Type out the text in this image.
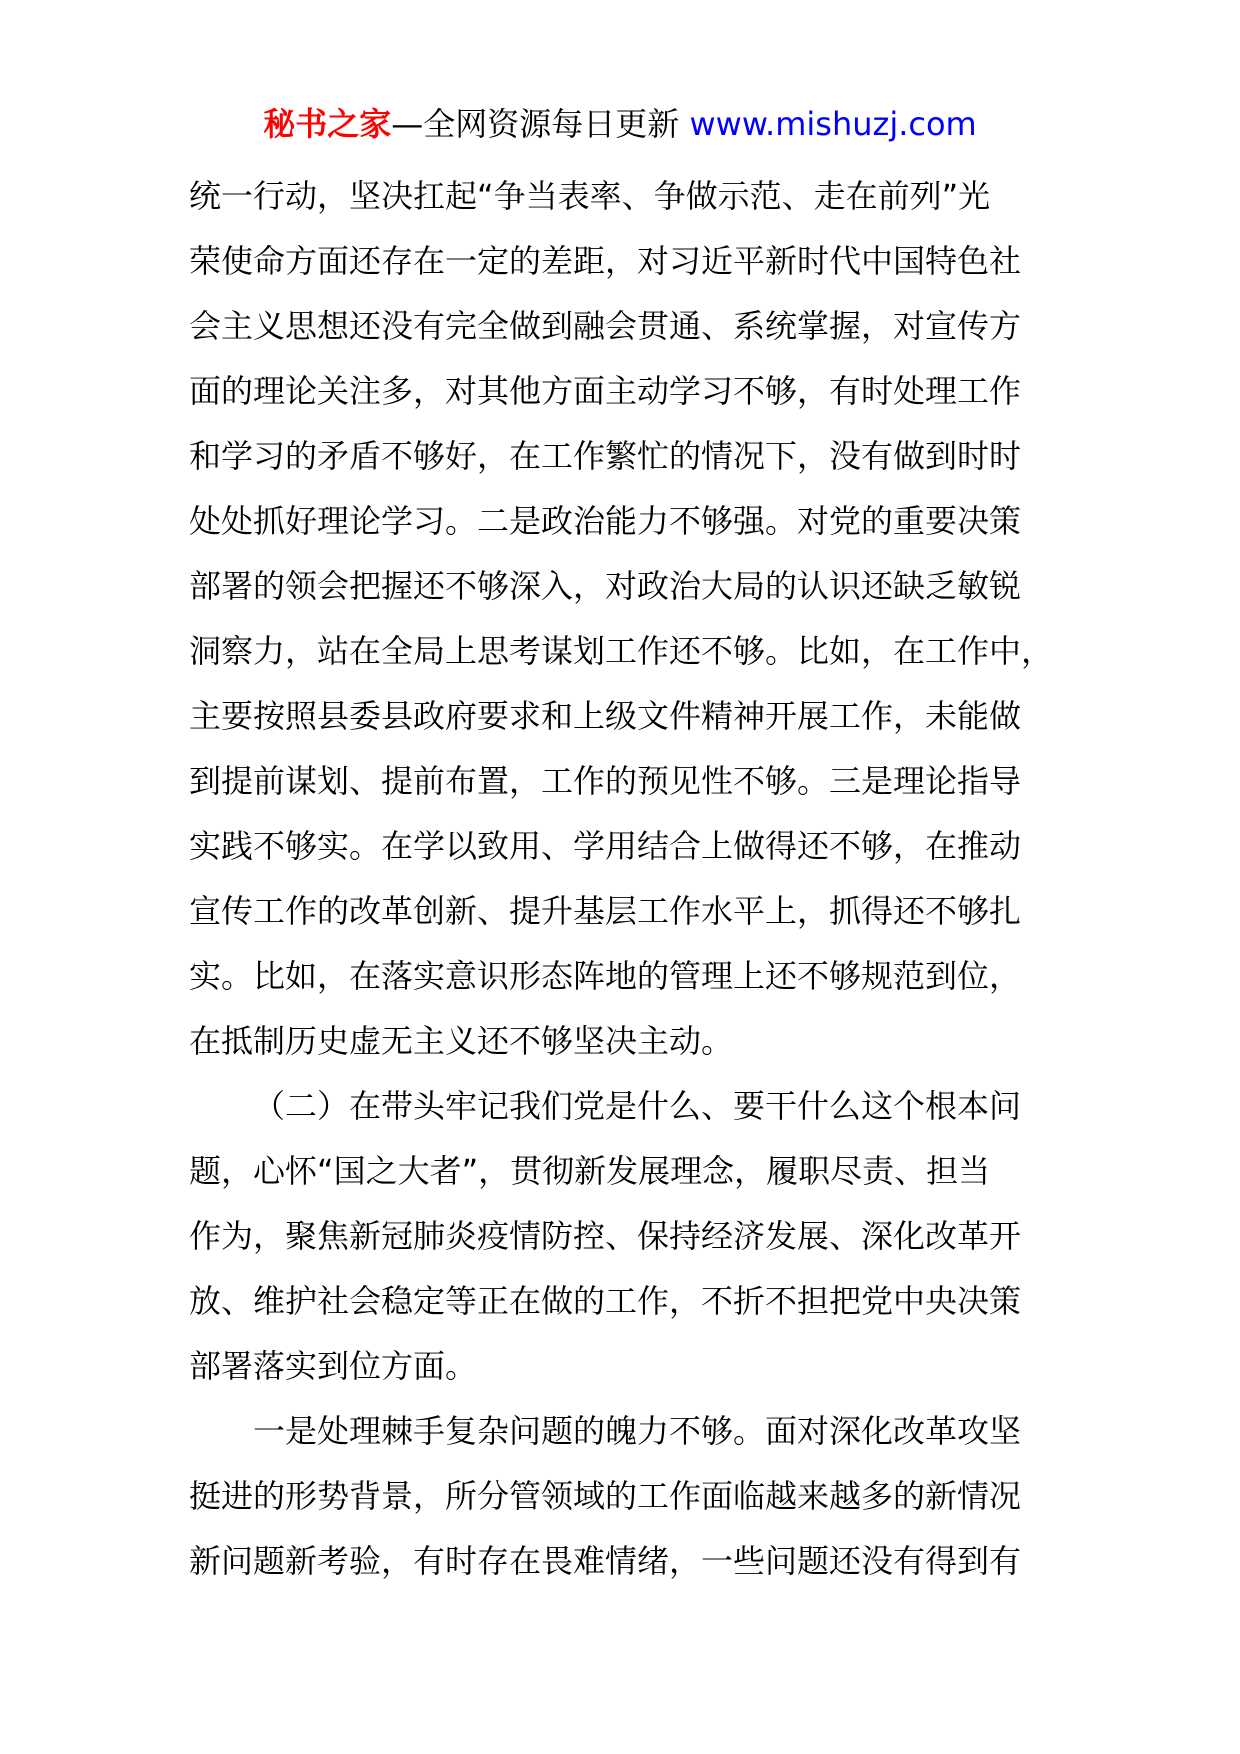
秘书之家—全网资源每日更新 www.mishuzj.com
统一行动，坚决扛起“争当表率、争做示范、走在前列”光
荣使命方面还存在一定的差距，对习近平新时代中国特色社
会主义思想还没有完全做到融会贯通、系统掌握，对宣传方
面的理论关注多，对其他方面主动学习不够，有时处理工作
和学习的矛盾不够好，在工作繁忙的情况下，没有做到时时
处处抓好理论学习。二是政治能力不够强。对党的重要决策
部署的领会把握还不够深入，对政治大局的认识还缺乏敏锐
洞察力，站在全局上思考谋划工作还不够。比如，在工作中，
主要按照县委县政府要求和上级文件精神开展工作，未能做
到提前谋划、提前布置，工作的预见性不够。三是理论指导
实践不够实。在学以致用、学用结合上做得还不够，在推动
宣传工作的改革创新、提升基层工作水平上，抓得还不够扎
实。比如，在落实意识形态阵地的管理上还不够规范到位，
在抵制历史虚无主义还不够坚决主动。
（二）在带头牢记我们党是什么、要干什么这个根本问
题，心怀“国之大者”，贯彻新发展理念，履职尽责、担当
作为，聚焦新冠肺炎疫情防控、保持经济发展、深化改革开
放、维护社会稳定等正在做的工作，不折不担把党中央决策
部署落实到位方面。
一是处理棘手复杂问题的魄力不够。面对深化改革攻坚
挺进的形势背景，所分管领域的工作面临越来越多的新情况
新问题新考验，有时存在畏难情绪，一些问题还没有得到有
